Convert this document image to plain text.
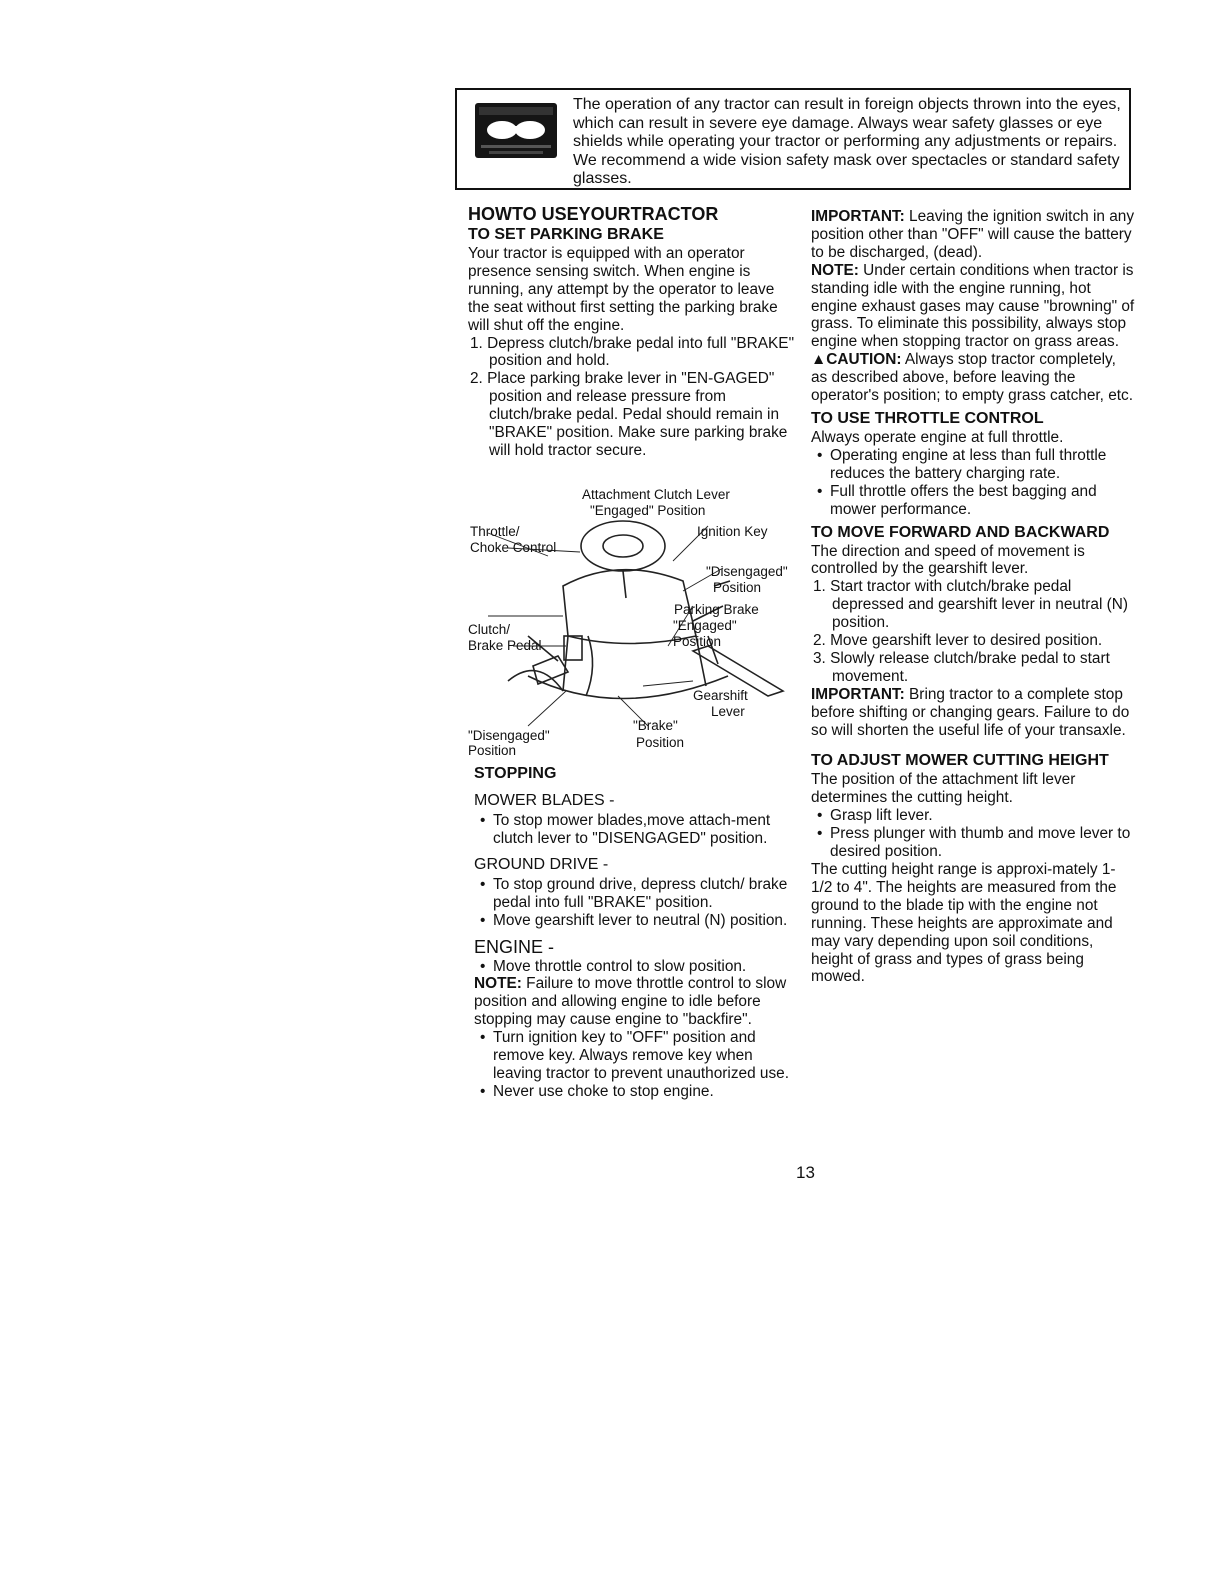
The operation of any tractor can result in foreign objects thrown into the eyes, which can result in severe eye damage. Always wear safety glasses or eye shields while operating your tractor or performing any adjustments or repairs. We recommend a wide vision safety mask over spectacles or standard safety glasses.

HOWTO USEYOURTRACTOR

TO SET PARKING BRAKE

Your tractor is equipped with an operator presence sensing switch. When engine is running, any attempt by the operator to leave the seat without first setting the parking brake will shut off the engine.

1. Depress clutch/brake pedal into full "BRAKE" position and hold.

2. Place parking brake lever in "EN-GAGED" position and release pressure from clutch/brake pedal. Pedal should remain in "BRAKE" position. Make sure parking brake will hold tractor secure.

Attachment Clutch Lever
"Engaged" Position
Ignition Key
Throttle/
Choke Control
"Disengaged"
Position
Parking Brake
"Engaged"
Position
Clutch/
Brake Pedal
Gearshift
Lever
"Disengaged"
Position
"Brake"
Position

STOPPING

MOWER BLADES -

• To stop mower blades,move attach-ment clutch lever to "DISENGAGED" position.

GROUND DRIVE -

• To stop ground drive, depress clutch/ brake pedal into full "BRAKE" position.

• Move gearshift lever to neutral (N) position.

ENGINE -

• Move throttle control to slow position.

NOTE: Failure to move throttle control to slow position and allowing engine to idle before stopping may cause engine to "backfire".

• Turn ignition key to "OFF" position and remove key. Always remove key when leaving tractor to prevent unauthorized use.

• Never use choke to stop engine.

IMPORTANT: Leaving the ignition switch in any position other than "OFF" will cause the battery to be discharged, (dead).

NOTE: Under certain conditions when tractor is standing idle with the engine running, hot engine exhaust gases may cause "browning" of grass. To eliminate this possibility, always stop engine when stopping tractor on grass areas.

▲CAUTION: Always stop tractor completely, as described above, before leaving the operator's position; to empty grass catcher, etc.

TO USE THROTTLE CONTROL

Always operate engine at full throttle.

• Operating engine at less than full throttle reduces the battery charging rate.

• Full throttle offers the best bagging and mower performance.

TO MOVE FORWARD AND BACKWARD

The direction and speed of movement is controlled by the gearshift lever.

1. Start tractor with clutch/brake pedal depressed and gearshift lever in neutral (N) position.

2. Move gearshift lever to desired position.

3. Slowly release clutch/brake pedal to start movement.

IMPORTANT: Bring tractor to a complete stop before shifting or changing gears. Failure to do so will shorten the useful life of your transaxle.

TO ADJUST MOWER CUTTING HEIGHT

The position of the attachment lift lever determines the cutting height.

• Grasp lift lever.

• Press plunger with thumb and move lever to desired position.

The cutting height range is approxi-mately 1-1/2 to 4". The heights are measured from the ground to the blade tip with the engine not running. These heights are approximate and may vary depending upon soil conditions, height of grass and types of grass being mowed.

13
